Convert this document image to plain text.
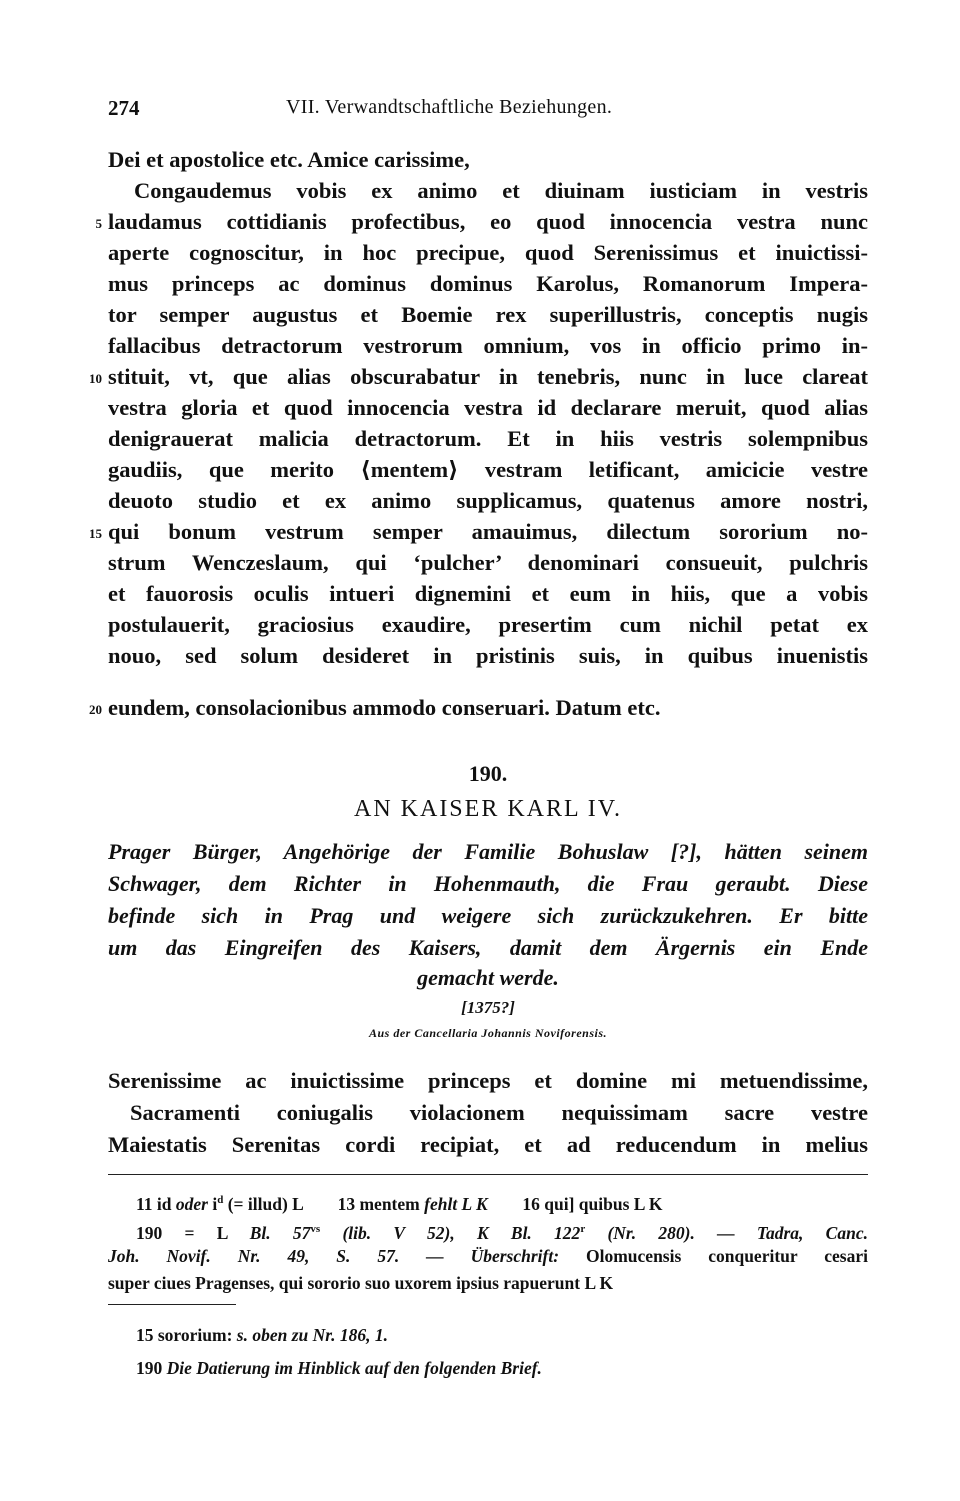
274	VII. Verwandtschaftliche Beziehungen.
Dei et apostolice etc. Amice carissime,
Congaudemus vobis ex animo et diuinam iusticiam in vestris
laudamus cottidianis profectibus, eo quod innocencia vestra nunc
aperte cognoscitur, in hoc precipue, quod Serenissimus et inuictissi-
mus princeps ac dominus dominus Karolus, Romanorum Impera-
tor semper augustus et Boemie rex superillustris, conceptis nugis
fallacibus detractorum vestrorum omnium, vos in officio primo in-
stituit, vt, que alias obscurabatur in tenebris, nunc in luce clareat
vestra gloria et quod innocencia vestra id declarare meruit, quod alias
denigrauerat malicia detractorum. Et in hiis vestris solempnibus
gaudiis, que merito ⟨mentem⟩ vestram letificant, amicicie vestre
deuoto studio et ex animo supplicamus, quatenus amore nostri,
qui bonum vestrum semper amauimus, dilectum sororium no-
strum Wenczeslaum, qui ‘pulcher’ denominari consueuit, pulchris
et fauorosis oculis intueri dignemini et eum in hiis, que a vobis
postulauerit, graciosius exaudire, presertim cum nichil petat ex
nouo, sed solum desideret in pristinis suis, in quibus inuenistis
eundem, consolacionibus ammodo conseruari. Datum etc.
5
10
15
20
190.
AN KAISER KARL IV.
Prager Bürger, Angehörige der Familie Bohuslaw [?], hätten seinem
Schwager, dem Richter in Hohenmauth, die Frau geraubt. Diese
befinde sich in Prag und weigere sich zurückzukehren. Er bitte
um das Eingreifen des Kaisers, damit dem Ärgernis ein Ende
gemacht werde.
[1375?]
Aus der Cancellaria Johannis Noviforensis.
Serenissime ac inuictissime princeps et domine mi metuendissime,
Sacramenti coniugalis violacionem nequissimam sacre vestre
Maiestatis Serenitas cordi recipiat, et ad reducendum in melius
11 id oder $i^d$ (= illud) L 13 mentem fehlt L K 16 qui] quibus L K
190 = L Bl. $57^{vs}$ (lib. V 52), K Bl. 122$^r$ (Nr. 280). — Tadra, Canc.
Joh. Novif. Nr. 49, S. 57. — Überschrift: Olomucensis conqueritur cesari
super ciues Pragenses, qui sororio suo uxorem ipsius rapuerunt L K
15 sororium: s. oben zu Nr. 186, 1.
190 Die Datierung im Hinblick auf den folgenden Brief.
